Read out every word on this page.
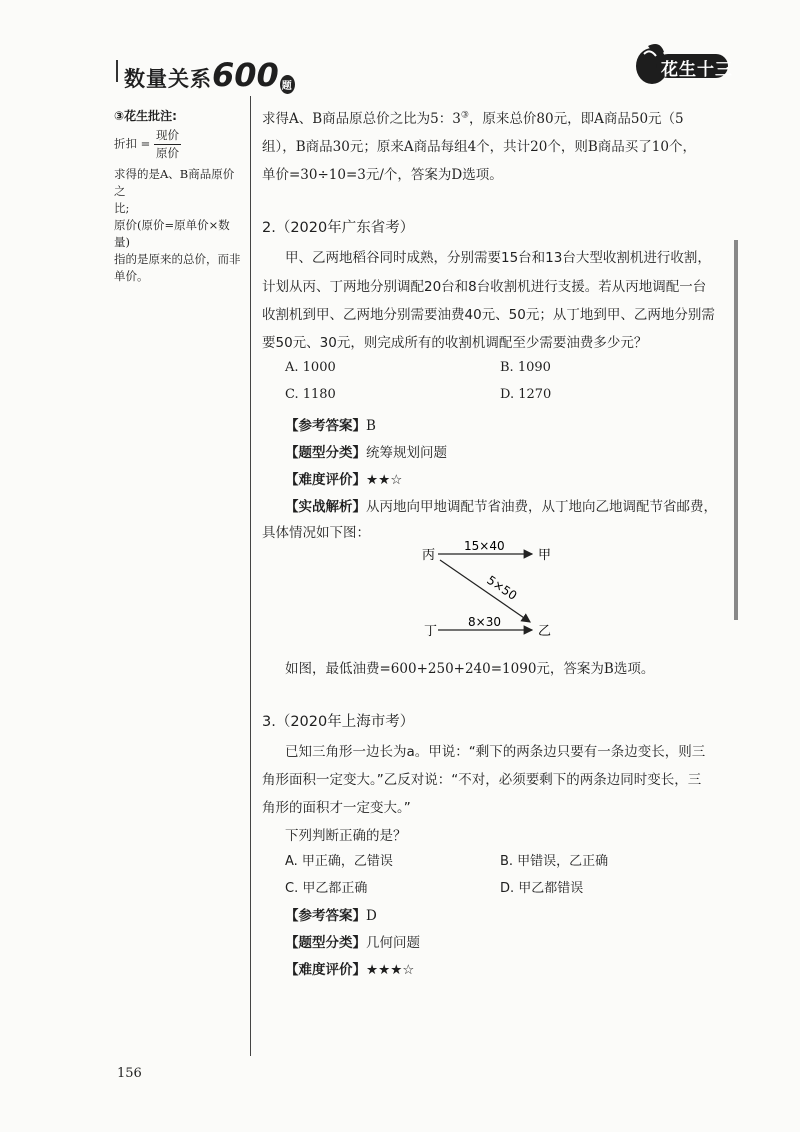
数量关系600 题
花生十三
③花生批注:
折扣 = $\frac{\text{现价}}{\text{原价}}$
求得的是A、B商品原价之
比;
原价(原价=原单价×数量)
指的是原来的总价，而非
单价。
求得A、B商品原总价之比为5：3③，原来总价80元，即A商品50元（5
组），B商品30元；原来A商品每组4个，共计20个，则B商品买了10个，
单价=30÷10=3元/个，答案为D选项。
2.（2020年广东省考）
甲、乙两地稻谷同时成熟，分别需要15台和13台大型收割机进行收割，
计划从丙、丁两地分别调配20台和8台收割机进行支援。若从丙地调配一台
收割机到甲、乙两地分别需要油费40元、50元；从丁地到甲、乙两地分别需
要50元、30元，则完成所有的收割机调配至少需要油费多少元？
A. 1000	B. 1090
C. 1180	D. 1270
【参考答案】B
【题型分类】统筹规划问题
【难度评价】★★☆
【实战解析】从丙地向甲地调配节省油费，从丁地向乙地调配节省邮费，
具体情况如下图：
丙	甲
丁	乙
15×40
5×50
8×30
如图，最低油费=600+250+240=1090元，答案为B选项。
3.（2020年上海市考）
已知三角形一边长为a。甲说：“剩下的两条边只要有一条边变长，则三
角形面积一定变大。”乙反对说：“不对，必须要剩下的两条边同时变长，三
角形的面积才一定变大。”
下列判断正确的是？
A. 甲正确，乙错误	B. 甲错误，乙正确
C. 甲乙都正确	D. 甲乙都错误
【参考答案】D
【题型分类】几何问题
【难度评价】★★★☆
156
